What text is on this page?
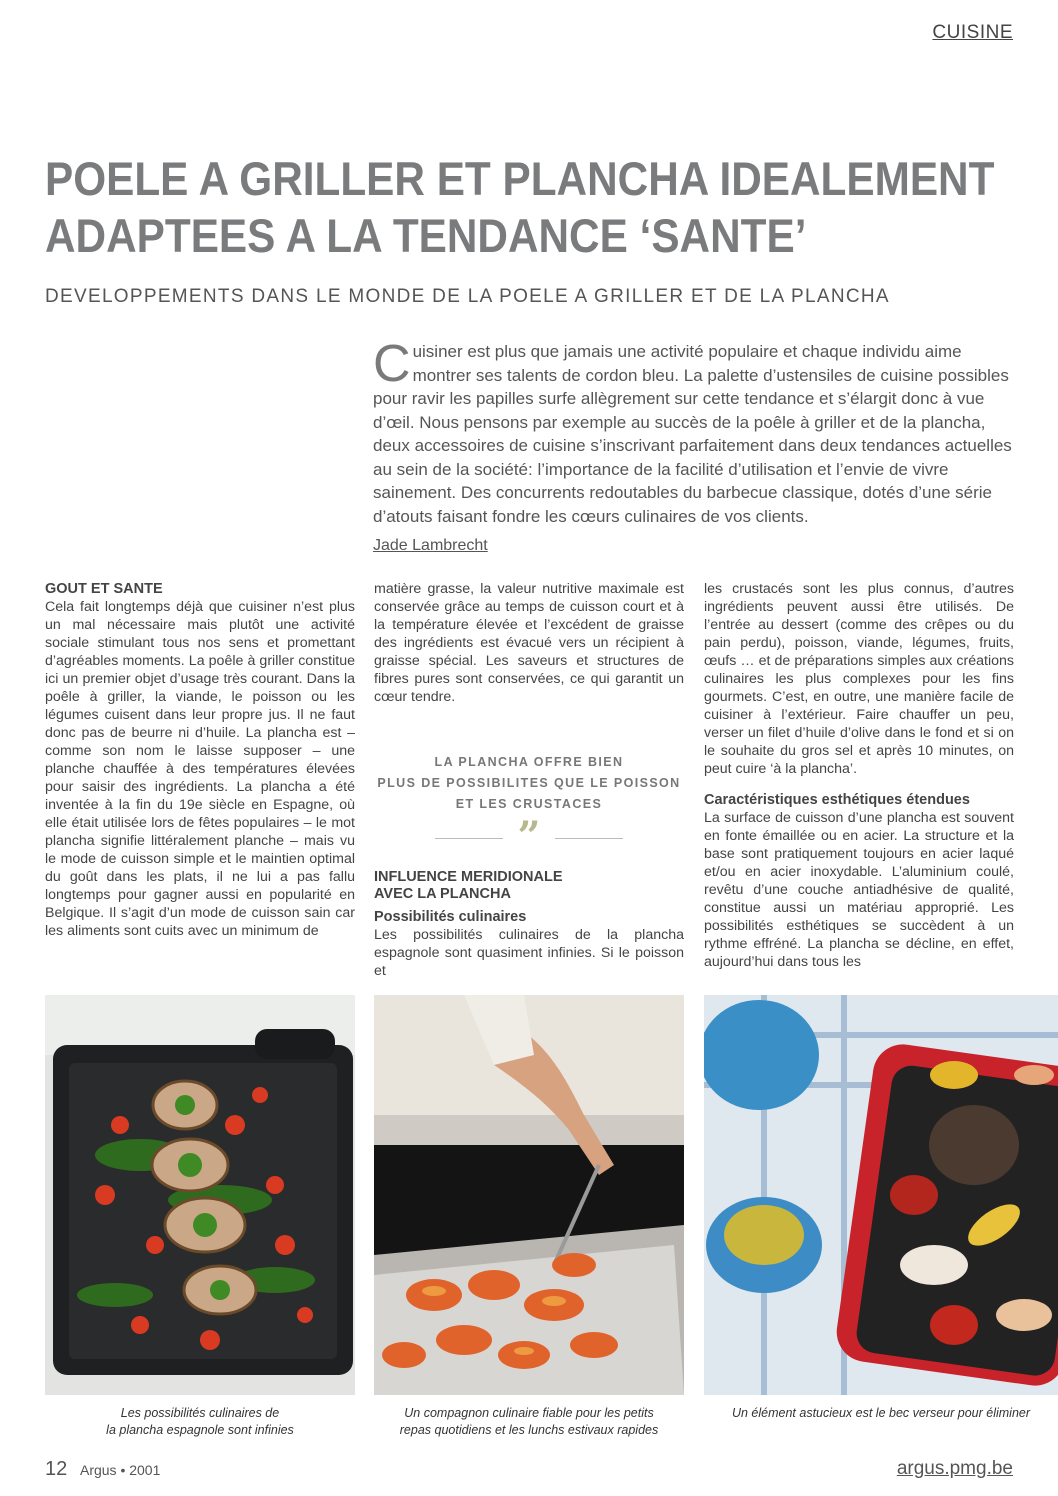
CUISINE
POELE A GRILLER ET PLANCHA IDEALEMENT
ADAPTEES A LA TENDANCE ‘SANTE’
DEVELOPPEMENTS DANS LE MONDE DE LA POELE A GRILLER ET DE LA PLANCHA
Cuisiner est plus que jamais une activité populaire et chaque individu aime montrer ses talents de cordon bleu. La palette d’ustensiles de cuisine possibles pour ravir les papilles surfe allègrement sur cette tendance et s’élargit donc à vue d’œil. Nous pensons par exemple au succès de la poêle à griller et de la plancha, deux accessoires de cuisine s’inscrivant parfaitement dans deux tendances actuelles au sein de la société: l’importance de la facilité d’utilisation et l’envie de vivre sainement. Des concurrents redoutables du barbecue classique, dotés d’une série d’atouts faisant fondre les cœurs culinaires de vos clients.
Jade Lambrecht

GOUT ET SANTE

Cela fait longtemps déjà que cuisiner n’est plus un mal nécessaire mais plutôt une activité sociale stimulant tous nos sens et promettant d’agréables moments. La poêle à griller constitue ici un premier objet d’usage très courant. Dans la poêle à griller, la viande, le poisson ou les légumes cuisent dans leur propre jus. Il ne faut donc pas de beurre ni d’huile. La plancha est – comme son nom le laisse supposer – une planche chauffée à des températures élevées pour saisir des ingrédients. La plancha a été inventée à la fin du 19e siècle en Espagne, où elle était utilisée lors de fêtes populaires – le mot plancha signifie littéralement planche – mais vu le mode de cuisson simple et le maintien optimal du goût dans les plats, il ne lui a pas fallu longtemps pour gagner aussi en popularité en Belgique. Il s’agit d’un mode de cuisson sain car les aliments sont cuits avec un minimum de

matière grasse, la valeur nutritive maximale est conservée grâce au temps de cuisson court et à la température élevée et l’excédent de graisse des ingrédients est évacué vers un récipient à graisse spécial. Les saveurs et structures de fibres pures sont conservées, ce qui garantit un cœur tendre.

LA PLANCHA OFFRE BIEN
PLUS DE POSSIBILITES QUE LE POISSON
ET LES CRUSTACES
”

INFLUENCE MERIDIONALE

AVEC LA PLANCHA

Possibilités culinaires

Les possibilités culinaires de la plancha espagnole sont quasiment infinies. Si le poisson et

les crustacés sont les plus connus, d’autres ingrédients peuvent aussi être utilisés. De l’entrée au dessert (comme des crêpes ou du pain perdu), poisson, viande, légumes, fruits, œufs … et de préparations simples aux créations culinaires les plus complexes pour les fins gourmets. C’est, en outre, une manière facile de cuisiner à l’extérieur. Faire chauffer un peu, verser un filet d’huile d’olive dans le fond et si on le souhaite du gros sel et après 10 minutes, on peut cuire ‘à la plancha’.

Caractéristiques esthétiques étendues

La surface de cuisson d’une plancha est souvent en fonte émaillée ou en acier. La structure et la base sont pratiquement toujours en acier laqué et/ou en acier inoxydable. L’aluminium coulé, revêtu d’une couche antiadhésive de qualité, constitue aussi un matériau approprié. Les possibilités esthétiques se succèdent à un rythme effréné. La plancha se décline, en effet, aujourd’hui dans tous les

Les possibilités culinaires de
la plancha espagnole sont infinies
Un compagnon culinaire fiable pour les petits
repas quotidiens et les lunchs estivaux rapides
Un élément astucieux est le bec verseur pour éliminer
12 Argus • 2001	argus.pmg.be
